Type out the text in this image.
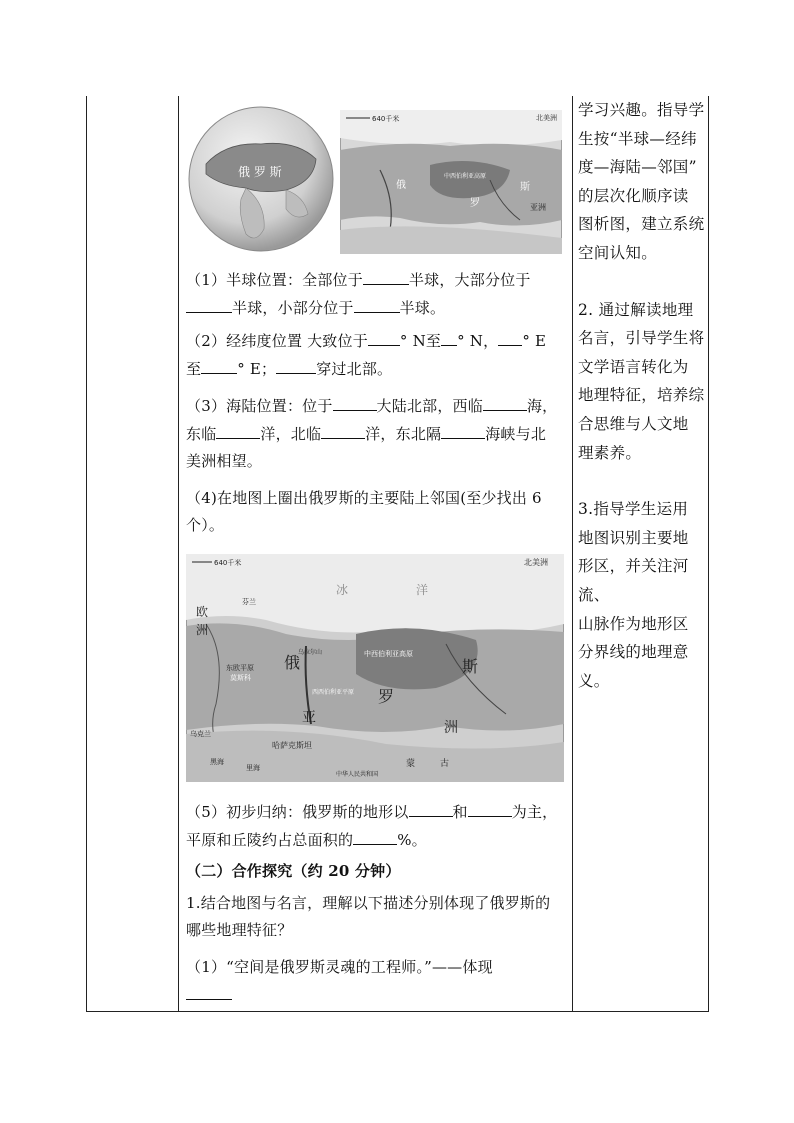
俄 罗 斯
640千米	北美洲
俄
罗
斯
中西伯利亚高原
亚洲
（1）半球位置：全部位于	半球，大部分位于
半球，小部分位于	半球。
（2）经纬度位置 大致位于 ° N至 ° N， ° E
至 ° E；	穿过北部。
（3）海陆位置：位于	大陆北部，西临	海，
东临	洋，北临	洋，东北隔	海峡与北
美洲相望。
（4)在地图上圈出俄罗斯的主要陆上邻国(至少找出 6
个）。
640千米	北美洲
冰	洋
俄
罗
斯
欧
洲
亚
洲
中西伯利亚高原
西西伯利亚平原
东欧平原
哈萨克斯坦
蒙	古
中华人民共和国
乌拉尔山
莫斯科
芬兰
乌克兰
黑海
里海
（5）初步归纳：俄罗斯的地形以	和	为主，
平原和丘陵约占总面积的	%。
（二）合作探究（约 20 分钟）
1.结合地图与名言，理解以下描述分别体现了俄罗斯的
哪些地理特征？
（1）“空间是俄罗斯灵魂的工程师。”——体现

学习兴趣。指导学

生按“半球—经纬

度—海陆—邻国”

的层次化顺序读

图析图，建立系统

空间认知。

2. 通过解读地理

名言，引导学生将

文学语言转化为

地理特征，培养综

合思维与人文地

理素养。

3.指导学生运用

地图识别主要地

形区，并关注河流、

山脉作为地形区

分界线的地理意

义。
